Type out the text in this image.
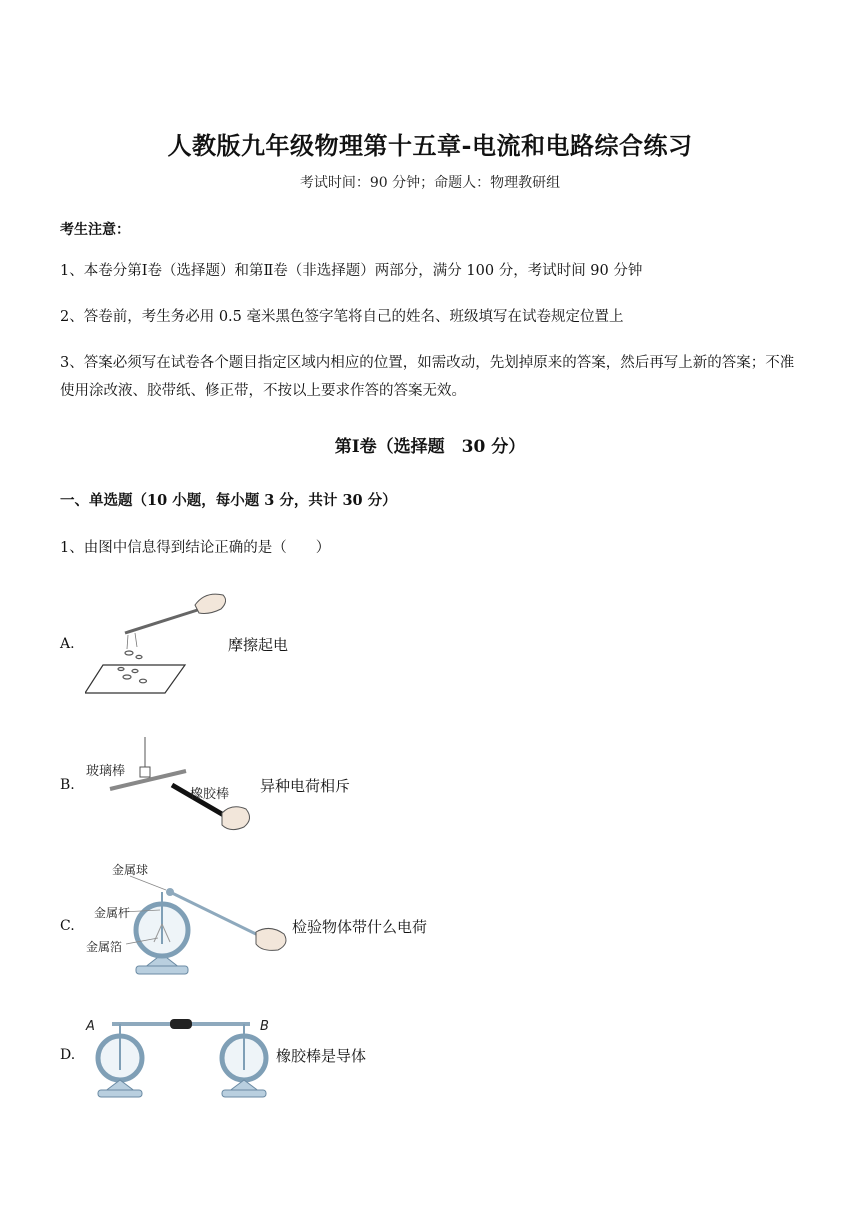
人教版九年级物理第十五章-电流和电路综合练习
考试时间：90 分钟；命题人：物理教研组
考生注意：
1、本卷分第Ⅰ卷（选择题）和第Ⅱ卷（非选择题）两部分，满分 100 分，考试时间 90 分钟
2、答卷前，考生务必用 0.5 毫米黑色签字笔将自己的姓名、班级填写在试卷规定位置上
3、答案必须写在试卷各个题目指定区域内相应的位置，如需改动，先划掉原来的答案，然后再写上新的答案；不准使用涂改液、胶带纸、修正带，不按以上要求作答的答案无效。
第Ⅰ卷（选择题　30 分）
一、单选题（10 小题，每小题 3 分，共计 30 分）
1、由图中信息得到结论正确的是（　　）
A.	摩擦起电
B.
玻璃棒
橡胶棒 异种电荷相斥
C.
金属球
金属杆
金属箔
检验物体带什么电荷
D.
A	B
橡胶棒是导体
